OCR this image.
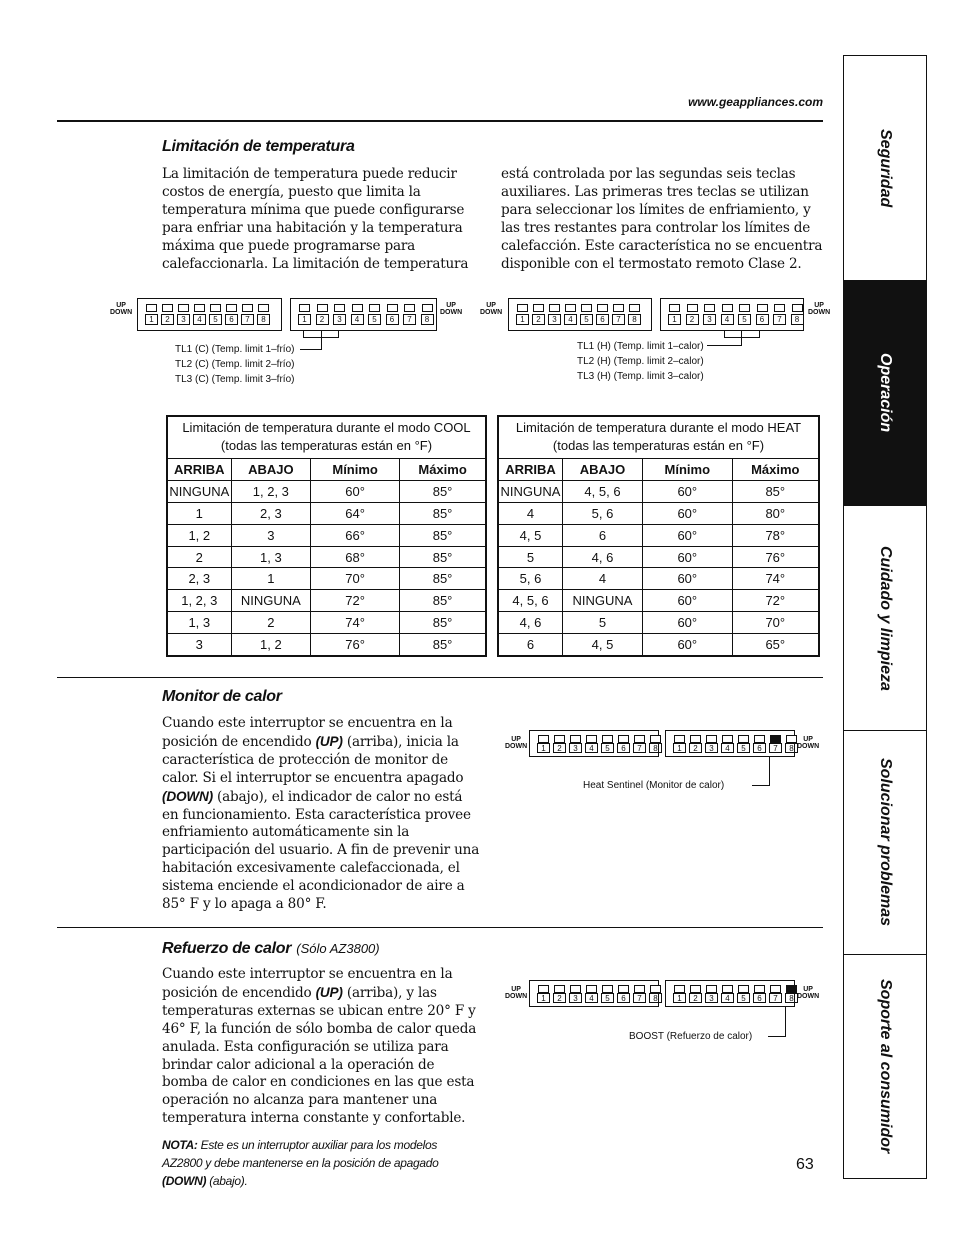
www.geappliances.com
Seguridad
Operación
Cuidado y limpieza
Solucionar problemas
Soporte al consumidor
Limitación de temperatura

La limitación de temperatura puede reducir costos de energía, puesto que limita la temperatura mínima que puede configurarse para enfriar una habitación y la temperatura máxima que puede programarse para calefaccionarla. La limitación de temperatura

está controlada por las segundas seis teclas auxiliares. Las primeras tres teclas se utilizan para seleccionar los límites de enfriamiento, y las tres restantes para controlar los límites de calefacción. Este característica no se encuentra disponible con el termostato remoto Clase 2.

1	2	3	4	5	6	7	8
UP
DOWN
1	2	3	4	5	6	7	8
UP
DOWN
1	2	3	4	5	6	7	8
UP
DOWN
1	2	3	4	5	6	7	8
UP
DOWN
1	2	3	4	5	6	7	8
UP
DOWN	1	2	3	4	5	6	7	8
UP
DOWN
1	2	3	4	5	6	7	8
UP
DOWN	1	2	3	4	5	6	7	8
UP
DOWN
TL1 (C) (Temp. limit 1–frío)
TL2 (C) (Temp. limit 2–frío)
TL3 (C) (Temp. limit 3–frío)
TL1 (H) (Temp. limit 1–calor)
TL2 (H) (Temp. limit 2–calor)
TL3 (H) (Temp. limit 3–calor)
Limitación de temperatura durante el modo COOL
(todas las temperaturas están en °F)
ARRIBA	ABAJO	Mínimo	Máximo
NINGUNA	1, 2, 3	60°	85°
1	2, 3	64°	85°
1, 2	3	66°	85°
2	1, 3	68°	85°
2, 3	1	70°	85°
1, 2, 3	NINGUNA	72°	85°
1, 3	2	74°	85°
3	1, 2	76°	85°
Limitación de temperatura durante el modo HEAT
(todas las temperaturas están en °F)
ARRIBA	ABAJO	Mínimo	Máximo
NINGUNA	4, 5, 6	60°	85°
4	5, 6	60°	80°
4, 5	6	60°	78°
5	4, 6	60°	76°
5, 6	4	60°	74°
4, 5, 6	NINGUNA	60°	72°
4, 6	5	60°	70°
6	4, 5	60°	65°
Monitor de calor

Cuando este interruptor se encuentra en la posición de encendido (UP) (arriba), inicia la característica de protección de monitor de calor. Si el interruptor se encuentra apagado (DOWN) (abajo), el indicador de calor no está en funcionamiento. Esta característica provee enfriamiento automáticamente sin la participación del usuario. A fin de prevenir una habitación excesivamente calefaccionada, el sistema enciende el acondicionador de aire a 85° F y lo apaga a 80° F.

Heat Sentinel (Monitor de calor)
Refuerzo de calor (Sólo AZ3800)

Cuando este interruptor se encuentra en la posición de encendido (UP) (arriba), y las temperaturas externas se ubican entre 20° F y 46° F, la función de sólo bomba de calor queda anulada. Esta configuración se utiliza para brindar calor adicional a la operación de bomba de calor en condiciones en las que esta operación no alcanza para mantener una temperatura interna constante y confortable.

NOTA: Este es un interruptor auxiliar para los modelos AZ2800 y debe mantenerse en la posición de apagado (DOWN) (abajo).
BOOST (Refuerzo de calor)
63
